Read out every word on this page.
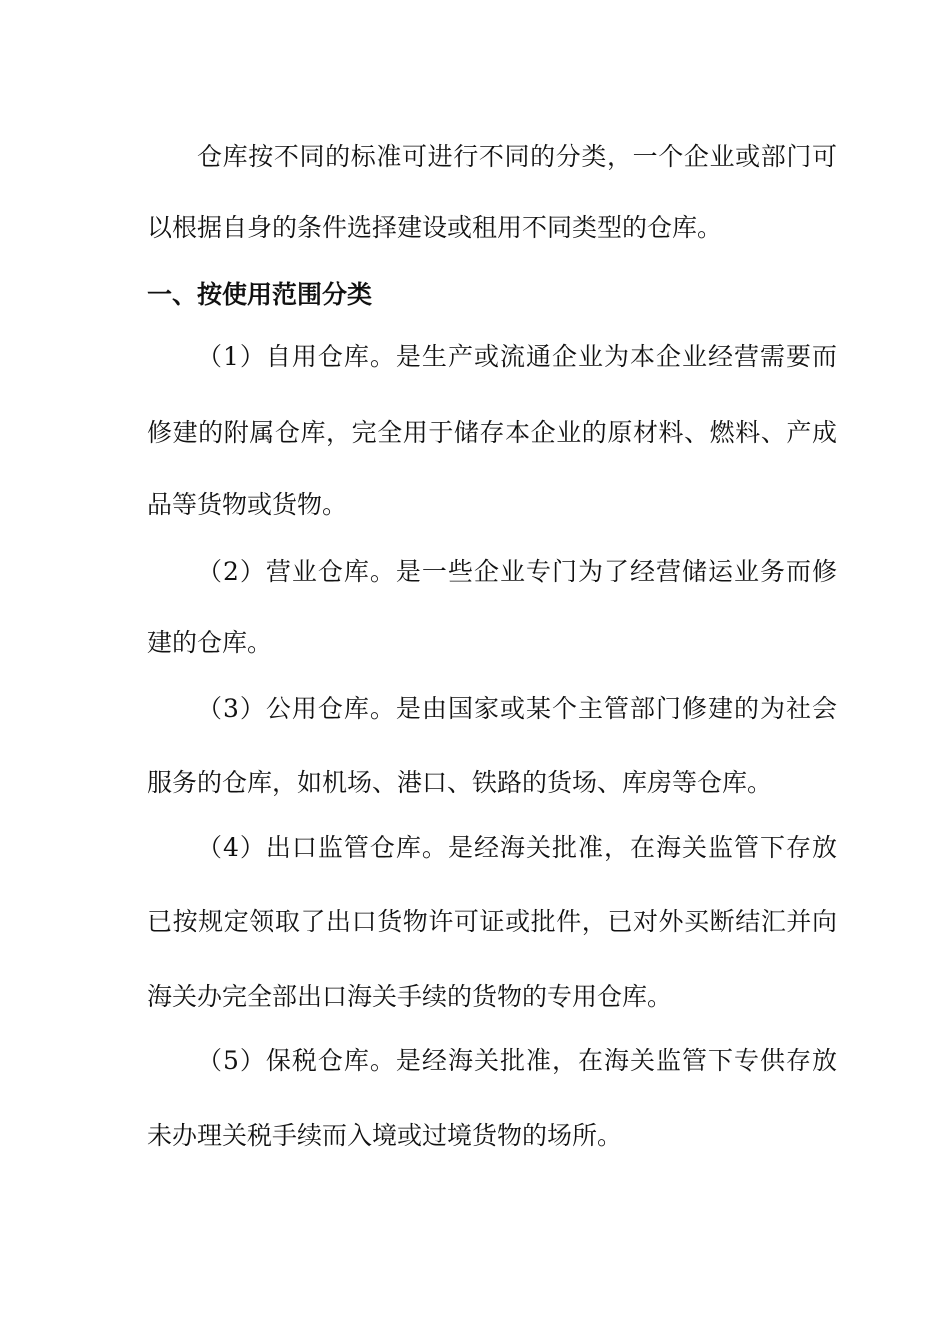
仓库按不同的标准可进行不同的分类，一个企业或部门可
以根据自身的条件选择建设或租用不同类型的仓库。
一、按使用范围分类
（1）自用仓库。是生产或流通企业为本企业经营需要而
修建的附属仓库，完全用于储存本企业的原材料、燃料、产成
品等货物或货物。
（2）营业仓库。是一些企业专门为了经营储运业务而修
建的仓库。
（3）公用仓库。是由国家或某个主管部门修建的为社会
服务的仓库，如机场、港口、铁路的货场、库房等仓库。
（4）出口监管仓库。是经海关批准，在海关监管下存放
已按规定领取了出口货物许可证或批件，已对外买断结汇并向
海关办完全部出口海关手续的货物的专用仓库。
（5）保税仓库。是经海关批准，在海关监管下专供存放
未办理关税手续而入境或过境货物的场所。
